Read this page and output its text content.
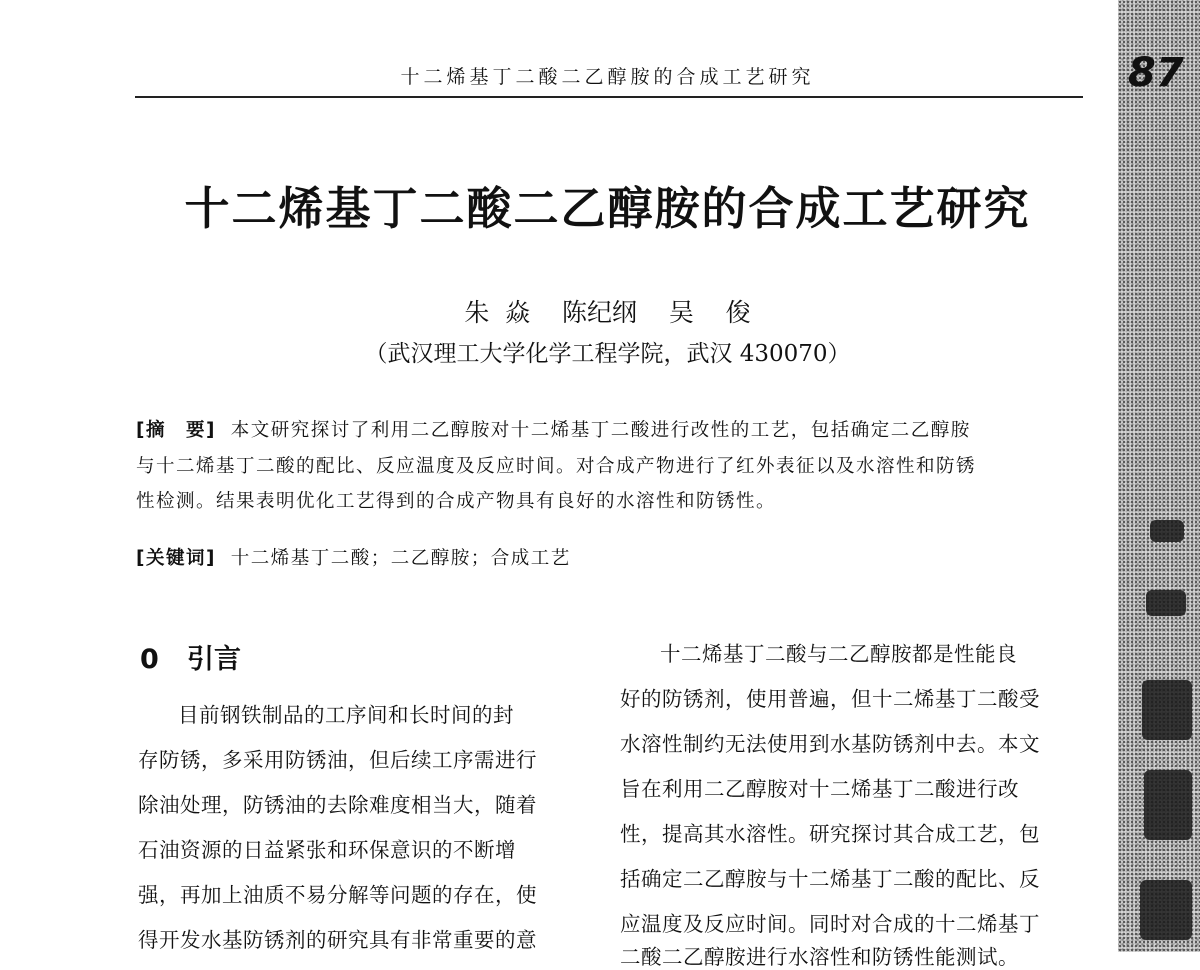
十二烯基丁二酸二乙醇胺的合成工艺研究	87
十二烯基丁二酸二乙醇胺的合成工艺研究
朱  焱    陈纪纲    吴    俊
（武汉理工大学化学工程学院，武汉 430070）
[摘　要] 本文研究探讨了利用二乙醇胺对十二烯基丁二酸进行改性的工艺，包括确定二乙醇胺
与十二烯基丁二酸的配比、反应温度及反应时间。对合成产物进行了红外表征以及水溶性和防锈
性检测。结果表明优化工艺得到的合成产物具有良好的水溶性和防锈性。
[关键词] 十二烯基丁二酸；二乙醇胺；合成工艺
0 引言
目前钢铁制品的工序间和长时间的封
存防锈，多采用防锈油，但后续工序需进行
除油处理，防锈油的去除难度相当大，随着
石油资源的日益紧张和环保意识的不断增
强，再加上油质不易分解等问题的存在，使
得开发水基防锈剂的研究具有非常重要的意
十二烯基丁二酸与二乙醇胺都是性能良
好的防锈剂，使用普遍，但十二烯基丁二酸受
水溶性制约无法使用到水基防锈剂中去。本文
旨在利用二乙醇胺对十二烯基丁二酸进行改
性，提高其水溶性。研究探讨其合成工艺，包
括确定二乙醇胺与十二烯基丁二酸的配比、反
应温度及反应时间。同时对合成的十二烯基丁
二酸二乙醇胺进行水溶性和防锈性能测试。
